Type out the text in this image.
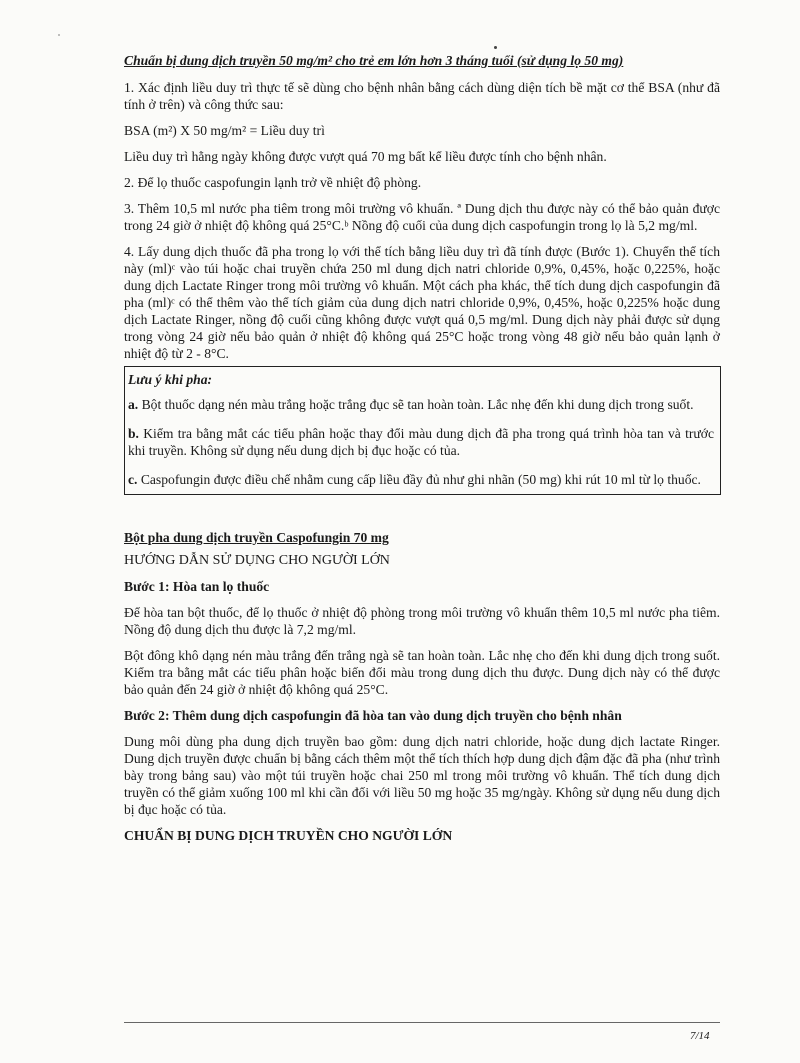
Chuẩn bị dung dịch truyền 50 mg/m² cho trẻ em lớn hơn 3 tháng tuổi (sử dụng lọ 50 mg)

1. Xác định liều duy trì thực tế sẽ dùng cho bệnh nhân bằng cách dùng diện tích bề mặt cơ thể BSA (như đã tính ở trên) và công thức sau:

BSA (m²) X 50 mg/m² = Liều duy trì

Liều duy trì hằng ngày không được vượt quá 70 mg bất kể liều được tính cho bệnh nhân.

2. Để lọ thuốc caspofungin lạnh trở về nhiệt độ phòng.

3. Thêm 10,5 ml nước pha tiêm trong môi trường vô khuẩn. ª Dung dịch thu được này có thể bảo quản được trong 24 giờ ở nhiệt độ không quá 25°C.ᵇ Nồng độ cuối của dung dịch caspofungin trong lọ là 5,2 mg/ml.

4. Lấy dung dịch thuốc đã pha trong lọ với thể tích bằng liều duy trì đã tính được (Bước 1). Chuyển thể tích này (ml)ᶜ vào túi hoặc chai truyền chứa 250 ml dung dịch natri chloride 0,9%, 0,45%, hoặc 0,225%, hoặc dung dịch Lactate Ringer trong môi trường vô khuẩn. Một cách pha khác, thể tích dung dịch caspofungin đã pha (ml)ᶜ có thể thêm vào thể tích giảm của dung dịch natri chloride 0,9%, 0,45%, hoặc 0,225% hoặc dung dịch Lactate Ringer, nồng độ cuối cũng không được vượt quá 0,5 mg/ml. Dung dịch này phải được sử dụng trong vòng 24 giờ nếu bảo quản ở nhiệt độ không quá 25°C hoặc trong vòng 48 giờ nếu bảo quản lạnh ở nhiệt độ từ 2 - 8°C.

Lưu ý khi pha:

a. Bột thuốc dạng nén màu trắng hoặc trắng đục sẽ tan hoàn toàn. Lắc nhẹ đến khi dung dịch trong suốt.

b. Kiểm tra bằng mắt các tiểu phân hoặc thay đổi màu dung dịch đã pha trong quá trình hòa tan và trước khi truyền. Không sử dụng nếu dung dịch bị đục hoặc có tủa.

c. Caspofungin được điều chế nhằm cung cấp liều đầy đủ như ghi nhãn (50 mg) khi rút 10 ml từ lọ thuốc.

Bột pha dung dịch truyền Caspofungin 70 mg
HƯỚNG DẪN SỬ DỤNG CHO NGƯỜI LỚN
Bước 1: Hòa tan lọ thuốc

Để hòa tan bột thuốc, để lọ thuốc ở nhiệt độ phòng trong môi trường vô khuẩn thêm 10,5 ml nước pha tiêm. Nồng độ dung dịch thu được là 7,2 mg/ml.

Bột đông khô dạng nén màu trắng đến trắng ngà sẽ tan hoàn toàn. Lắc nhẹ cho đến khi dung dịch trong suốt. Kiểm tra bằng mắt các tiểu phân hoặc biến đổi màu trong dung dịch thu được. Dung dịch này có thể được bảo quản đến 24 giờ ở nhiệt độ không quá 25°C.

Bước 2: Thêm dung dịch caspofungin đã hòa tan vào dung dịch truyền cho bệnh nhân

Dung môi dùng pha dung dịch truyền bao gồm: dung dịch natri chloride, hoặc dung dịch lactate Ringer. Dung dịch truyền được chuẩn bị bằng cách thêm một thể tích thích hợp dung dịch đậm đặc đã pha (như trình bày trong bảng sau) vào một túi truyền hoặc chai 250 ml trong môi trường vô khuẩn. Thể tích dung dịch truyền có thể giảm xuống 100 ml khi cần đối với liều 50 mg hoặc 35 mg/ngày. Không sử dụng nếu dung dịch bị đục hoặc có tủa.

CHUẨN BỊ DUNG DỊCH TRUYỀN CHO NGƯỜI LỚN
7/14
